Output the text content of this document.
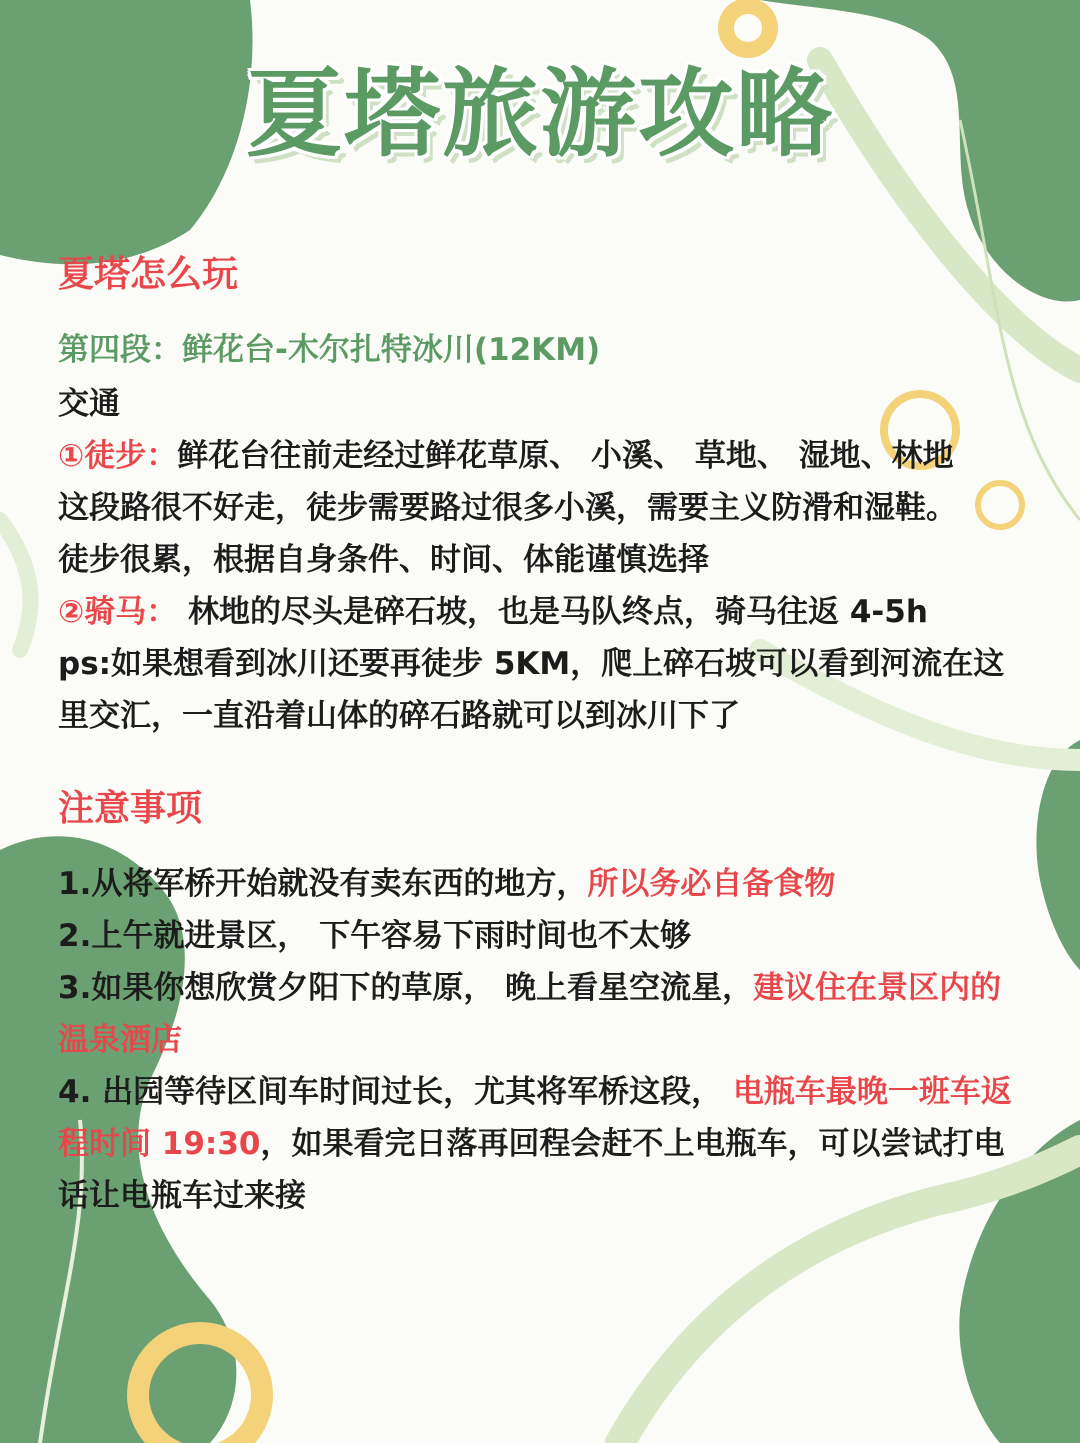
夏塔旅游攻略
夏塔怎么玩
第四段：鲜花台-木尔扎特冰川(12KM)
交通
①徒步：鲜花台往前走经过鲜花草原、 小溪、 草地、 湿地、林地
这段路很不好走，徒步需要路过很多小溪，需要主义防滑和湿鞋。
徒步很累，根据自身条件、时间、体能谨慎选择
②骑马： 林地的尽头是碎石坡，也是马队终点，骑马往返 4-5h
ps:如果想看到冰川还要再徒步 5KM，爬上碎石坡可以看到河流在这
里交汇，一直沿着山体的碎石路就可以到冰川下了
注意事项
1.从将军桥开始就没有卖东西的地方，所以务必自备食物
2.上午就进景区， 下午容易下雨时间也不太够
3.如果你想欣赏夕阳下的草原， 晚上看星空流星，建议住在景区内的
温泉酒店
4. 出园等待区间车时间过长，尤其将军桥这段， 电瓶车最晚一班车返
程时间 19:30，如果看完日落再回程会赶不上电瓶车，可以尝试打电
话让电瓶车过来接
